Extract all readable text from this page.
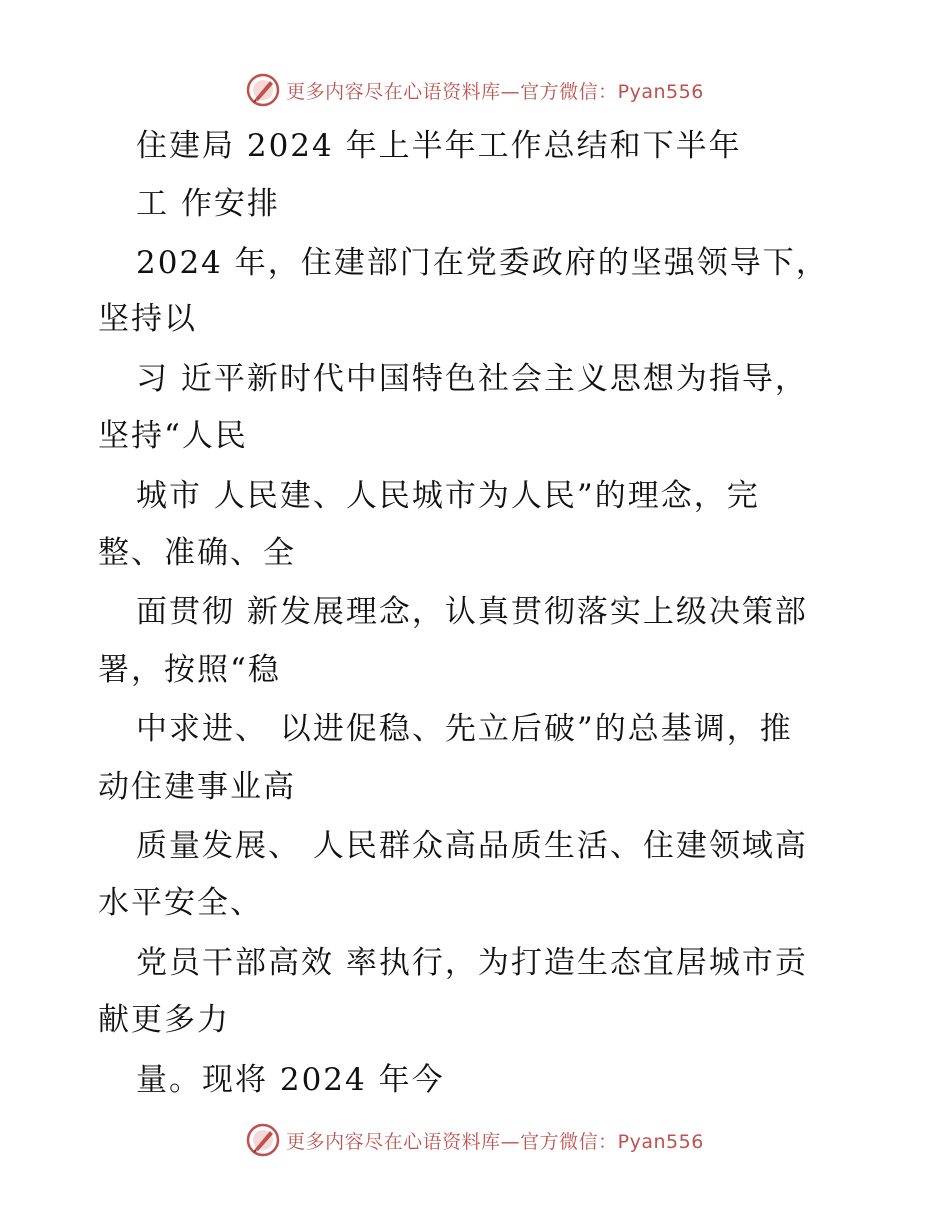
更多内容尽在心语资料库—官方微信：Pyan556
住建局 2024 年上半年工作总结和下半年
工 作安排
2024 年，住建部门在党委政府的坚强领导下，
坚持以
习 近平新时代中国特色社会主义思想为指导，
坚持“人民
城市 人民建、人民城市为人民”的理念，完
整、准确、全
面贯彻 新发展理念，认真贯彻落实上级决策部
署，按照“稳
中求进、 以进促稳、先立后破”的总基调，推
动住建事业高
质量发展、 人民群众高品质生活、住建领域高
水平安全、
党员干部高效 率执行，为打造生态宜居城市贡
献更多力
量。现将 2024 年今
更多内容尽在心语资料库—官方微信：Pyan556
